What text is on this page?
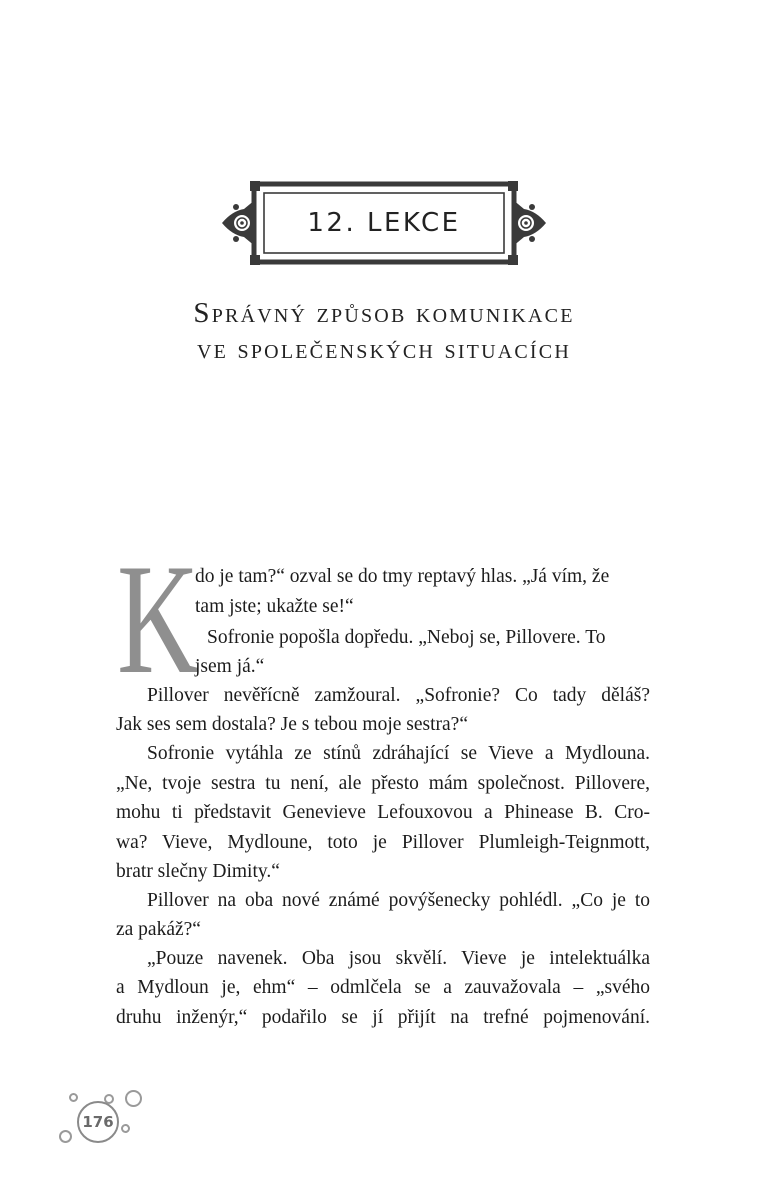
12. LEKCE
Správný způsob komunikace
ve společenských situacích
K
do je tam?“ ozval se do tmy reptavý hlas. „Já vím, že
tam jste; ukažte se!“
Sofronie popošla dopředu. „Neboj se, Pillovere. To
jsem já.“
Pillover nevěřícně zamžoural. „Sofronie? Co tady děláš?
Jak ses sem dostala? Je s tebou moje sestra?“
Sofronie vytáhla ze stínů zdráhající se Vieve a Mydlouna.
„Ne, tvoje sestra tu není, ale přesto mám společnost. Pillovere,
mohu ti představit Genevieve Lefouxovou a Phinease B. Cro-
wa? Vieve, Mydloune, toto je Pillover Plumleigh-Teignmott,
bratr slečny Dimity.“
Pillover na oba nové známé povýšenecky pohlédl. „Co je to
za pakáž?“
„Pouze navenek. Oba jsou skvělí. Vieve je intelektuálka
a Mydloun je, ehm“ – odmlčela se a zauvažovala – „svého
druhu inženýr,“ podařilo se jí přijít na trefné pojmenování.
176
